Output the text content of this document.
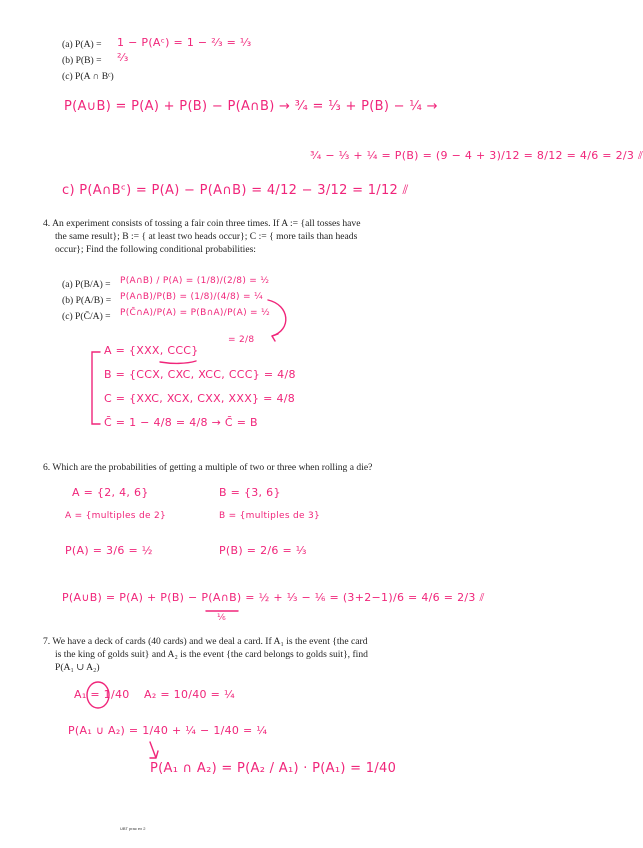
(a) P(A) = 1 − P(Aᶜ) = 1 − ²⁄₃ = ¹⁄₃
(b) P(B) = ²⁄₃
(c) P(A ∩ Bᶜ)
P(A∪B) = P(A) + P(B) − P(A∩B) → ³⁄₄ = ⅓ + P(B) − ¼ →
³⁄₄ − ⅓ + ¼ = P(B) = (9 − 4 + 3)/12 = 8/12 = 4/6 = 2/3 ⫽
c) P(A∩Bᶜ) = P(A) − P(A∩B) = 4/12 − 3/12 = 1/12 ⫽
4. An experiment consists of tossing a fair coin three times. If A := {all tosses have
the same result}; B := { at least two heads occur}; C := { more tails than heads
occur}; Find the following conditional probabilities:
(a) P(B/A) = P(A∩B) / P(A) = (1/8)/(2/8) = ½
(b) P(A/B) = P(A∩B)/P(B) = (1/8)/(4/8) = ¼
(c) P(C̄/A) = P(C̄∩A)/P(A) = P(B∩A)/P(A) = ½
= 2/8
A = {XXX, CCC}
B = {CCX, CXC, XCC, CCC} = 4/8
C = {XXC, XCX, CXX, XXX} = 4/8
C̄ = 1 − 4/8 = 4/8 → C̄ = B
6. Which are the probabilities of getting a multiple of two or three when rolling a die?
A = {2, 4, 6}	B = {3, 6}
A = {multiples de 2}	B = {multiples de 3}
P(A) = 3/6 = ½	P(B) = 2/6 = ⅓
P(A∪B) = P(A) + P(B) − P(A∩B) = ½ + ⅓ − ⅙ = (3+2−1)/6 = 4/6 = 2/3 ⫽
⅙
7. We have a deck of cards (40 cards) and we deal a card. If A₁ is the event {the card
is the king of golds suit} and A₂ is the event {the card belongs to golds suit}, find
P(A₁ ∪ A₂)
A₁ = 1/40 A₂ = 10/40 = ¼
P(A₁ ∪ A₂) = 1/40 + ¼ − 1/40 = ¼
P(A₁ ∩ A₂) = P(A₂ / A₁) · P(A₁) = 1/40
UBT prac ex 2
